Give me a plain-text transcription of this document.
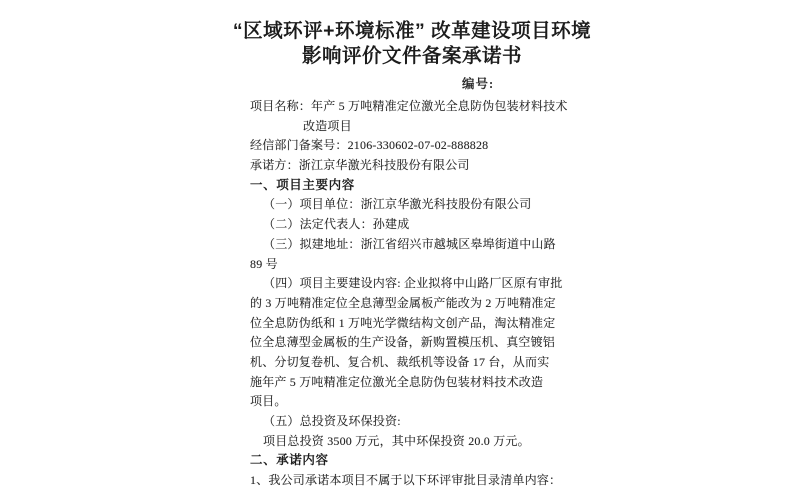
“区域环评+环境标准” 改革建设项目环境
影响评价文件备案承诺书
编号:
项目名称：年产 5 万吨精准定位激光全息防伪包装材料技术
改造项目
经信部门备案号：2106-330602-07-02-888828
承诺方：浙江京华激光科技股份有限公司
一、项目主要内容
（一）项目单位：浙江京华激光科技股份有限公司
（二）法定代表人：孙建成
（三）拟建地址：浙江省绍兴市越城区皋埠街道中山路
89 号
（四）项目主要建设内容: 企业拟将中山路厂区原有审批
的 3 万吨精准定位全息薄型金属板产能改为 2 万吨精准定
位全息防伪纸和 1 万吨光学微结构文创产品，淘汰精准定
位全息薄型金属板的生产设备，新购置模压机、真空镀铝
机、分切复卷机、复合机、裁纸机等设备 17 台，从而实
施年产 5 万吨精准定位激光全息防伪包装材料技术改造
项目。
（五）总投资及环保投资:
项目总投资 3500 万元，其中环保投资 20.0 万元。
二、承诺内容
1、我公司承诺本项目不属于以下环评审批目录清单内容：
